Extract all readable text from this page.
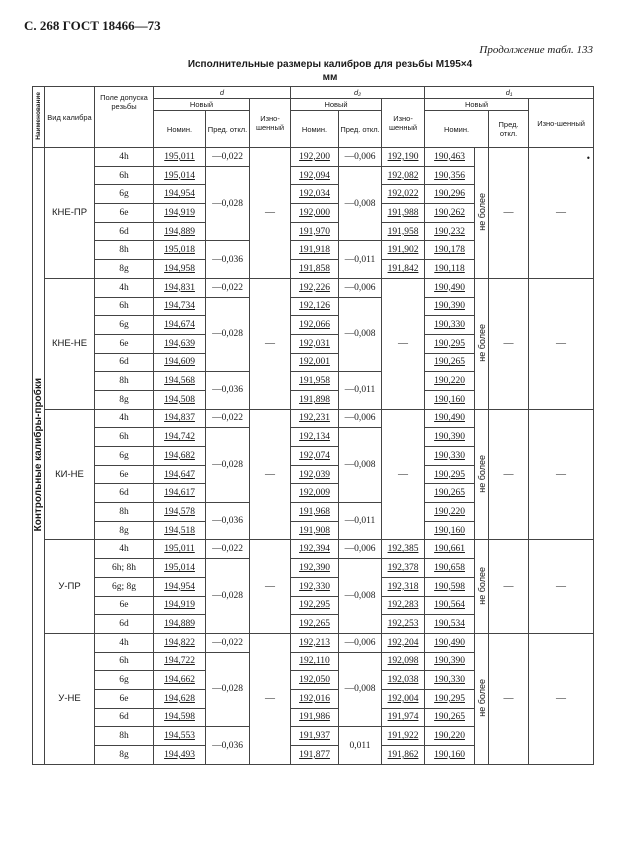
С. 268 ГОСТ 18466—73
Продолжение табл. 133
Исполнительные размеры калибров для резьбы M195×4
мм
•
Наименование	Вид калибра	Поле допуска резьбы	d			d₂			d₁			
			Новый		Изно-шенный	Новый		Изно-шенный	Новый			Изно-шенный
			Номин.	Пред. откл.		Номин.	Пред. откл.		Номин.		Пред. откл.	
Контрольные калибры-пробки	КНЕ-ПР	4h	195,011	—0,022	—	192,200	—0,006	192,190	190,463	не более	—	—
		6h	195,014	—0,028		192,094	—0,008	192,082	190,356			
		6g	194,954			192,034		192,022	190,296			
		6e	194,919			192,000		191,988	190,262			
		6d	194,889			191,970		191,958	190,232			
		8h	195,018	—0,036		191,918	—0,011	191,902	190,178			
		8g	194,958			191,858		191,842	190,118			
	КНЕ-НЕ	4h	194,831	—0,022	—	192,226	—0,006	—	190,490	не более	—	—
		6h	194,734	—0,028		192,126	—0,008		190,390			
		6g	194,674			192,066			190,330			
		6e	194,639			192,031			190,295			
		6d	194,609			192,001			190,265			
		8h	194,568	—0,036		191,958	—0,011		190,220			
		8g	194,508			191,898			190,160			
	КИ-НЕ	4h	194,837	—0,022	—	192,231	—0,006	—	190,490	не более	—	—
		6h	194,742	—0,028		192,134	—0,008		190,390			
		6g	194,682			192,074			190,330			
		6e	194,647			192,039			190,295			
		6d	194,617			192,009			190,265			
		8h	194,578	—0,036		191,968	—0,011		190,220			
		8g	194,518			191,908			190,160			
	У-ПР	4h	195,011	—0,022	—	192,394	—0,006	192,385	190,661	не более	—	—
		6h; 8h	195,014	—0,028		192,390	—0,008	192,378	190,658			
		6g; 8g	194,954			192,330		192,318	190,598			
		6e	194,919			192,295		192,283	190,564			
		6d	194,889			192,265		192,253	190,534			
	У-НЕ	4h	194,822	—0,022	—	192,213	—0,006	192,204	190,490	не более	—	—
		6h	194,722	—0,028		192,110	—0,008	192,098	190,390			
		6g	194,662			192,050		192,038	190,330			
		6e	194,628			192,016		192,004	190,295			
		6d	194,598			191,986		191,974	190,265			
		8h	194,553	—0,036		191,937	0,011	191,922	190,220			
		8g	194,493			191,877		191,862	190,160			
